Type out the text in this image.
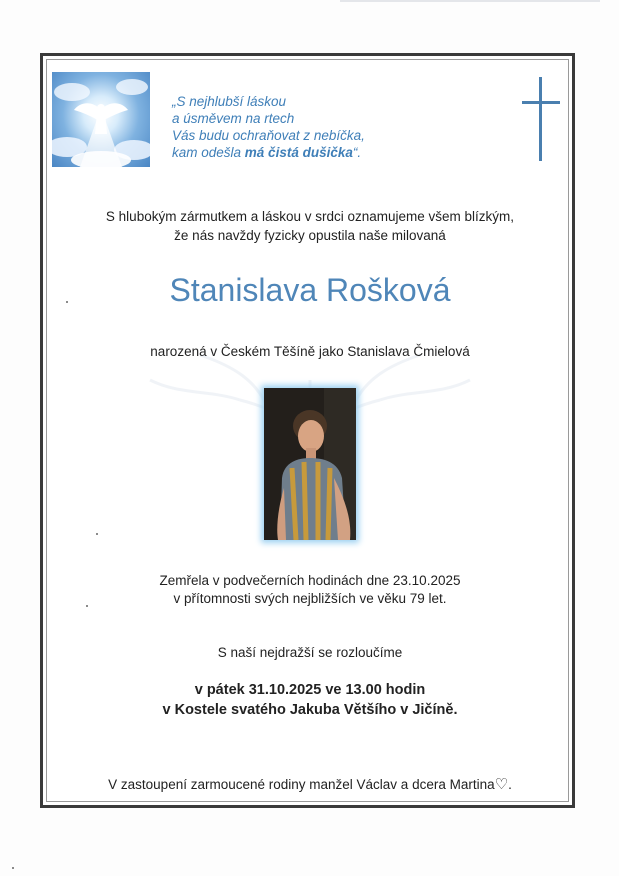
„S nejhlubší láskou
a úsměvem na rtech
Vás budu ochraňovat z nebíčka,
kam odešla má čistá dušička“.
S hlubokým zármutkem a láskou v srdci oznamujeme všem blízkým,
že nás navždy fyzicky opustila naše milovaná
Stanislava Rošková
narozená v Českém Těšíně jako Stanislava Čmielová
Zemřela v podvečerních hodinách dne 23.10.2025
v přítomnosti svých nejbližších ve věku 79 let.
S naší nejdražší se rozloučíme
v pátek 31.10.2025 ve 13.00 hodin
v Kostele svatého Jakuba Většího v Jičíně.
V zastoupení zarmoucené rodiny manžel Václav a dcera Martina♡.
